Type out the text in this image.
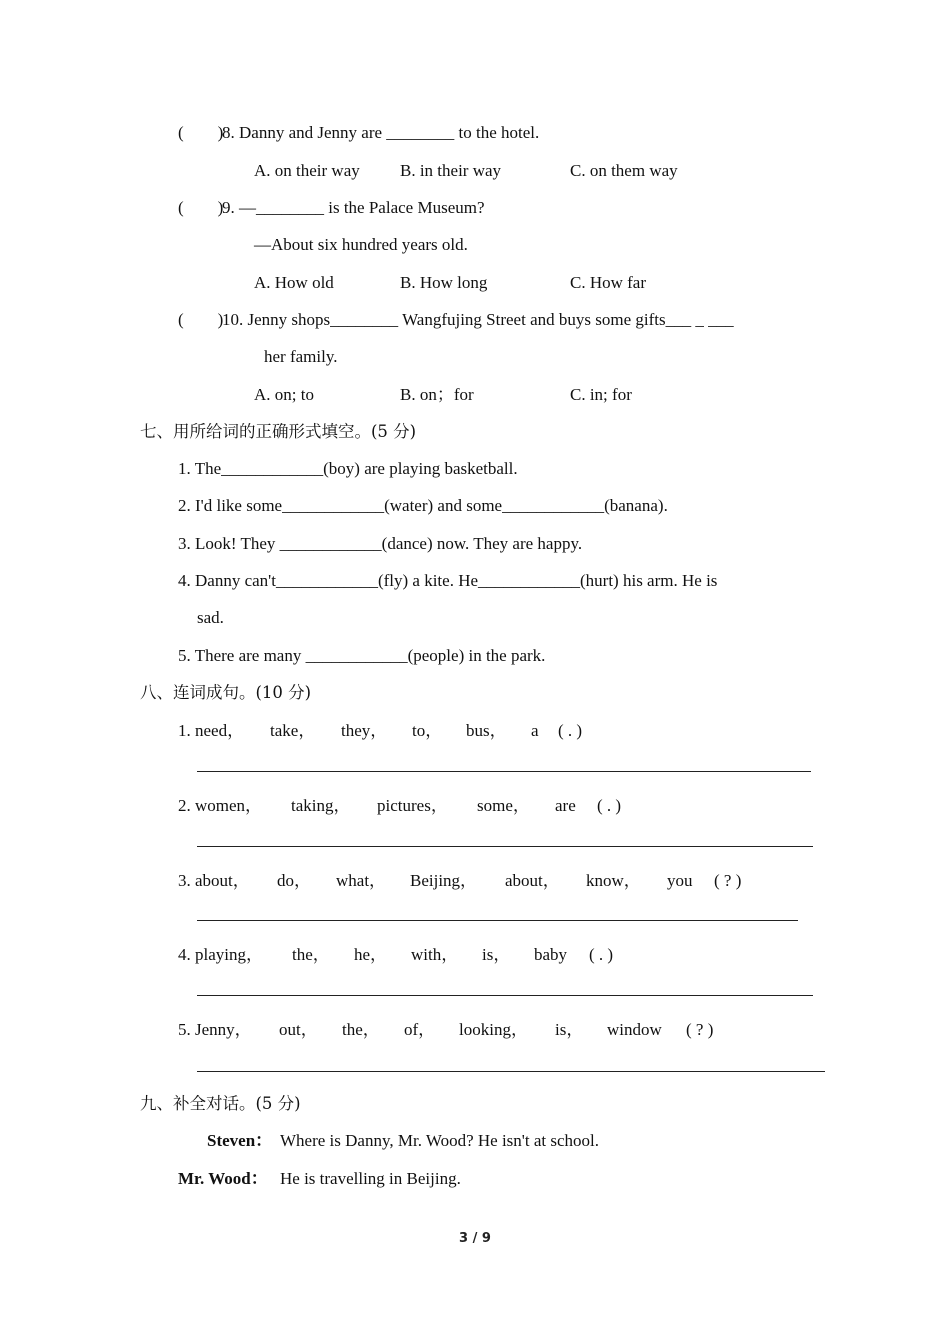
(        )
8. Danny and Jenny are ________ to the hotel.
A. on their way B. in their way	C. on them way
(        )
9. —________ is the Palace Museum?
—About six hundred years old.
A. How old	B. How long	C. How far
(        )
10. Jenny shops________ Wangfujing Street and buys some gifts___ _ ___
her family.
A. on; to	B. on；for	C. in; for
七、用所给词的正确形式填空。(5 分)
1. The____________(boy) are playing basketball.
2. I'd like some____________(water) and some____________(banana).
3. Look! They ____________(dance) now. They are happy.
4. Danny can't____________(fly) a kite. He____________(hurt) his arm. He is
sad.
5. There are many ____________(people) in the park.
八、连词成句。(10 分)
1. need， take， they， to， bus， a ( . )
2. women， taking， pictures， some， are ( . )
3. about， do， what， Beijing， about， know， you ( ? )
4. playing， the， he， with， is， baby ( . )
5. Jenny， out， the， of， looking， is， window ( ? )
九、补全对话。(5 分)
Steven： Where is Danny, Mr. Wood? He isn't at school.
Mr. Wood： He is travelling in Beijing.
3 / 9
